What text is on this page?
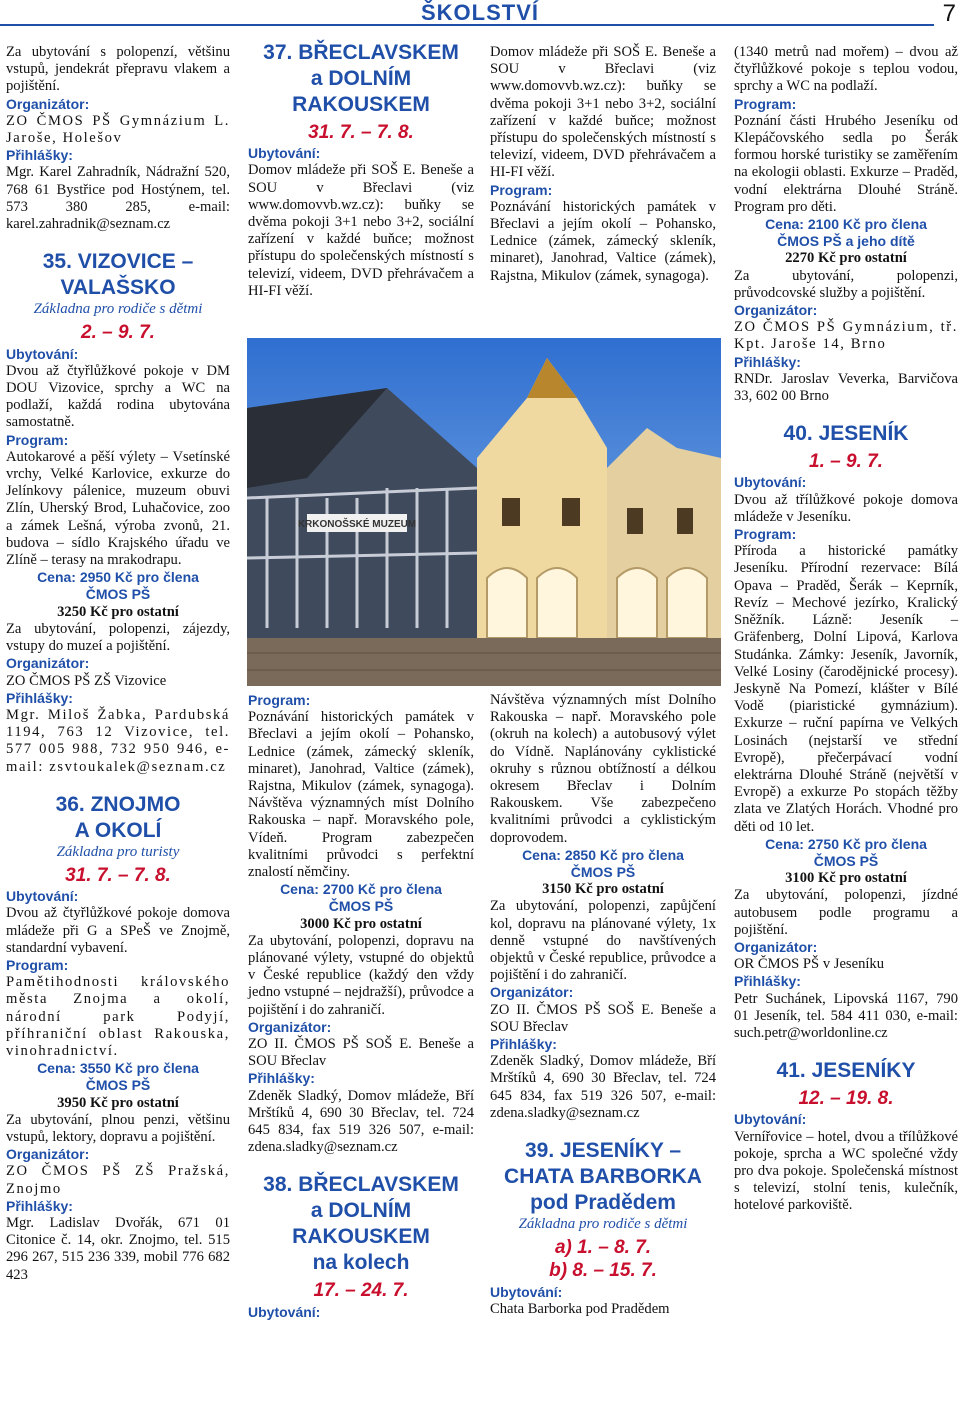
ŠKOLSTVÍ	7

Za ubytování s polopenzí, většinu vstupů, jendekrát přepravu vlakem a pojištění.

Organizátor:

ZO ČMOS PŠ Gymnázium L. Jaroše, Holešov

Přihlášky:

Mgr. Karel Zahradník, Nádražní 520, 768 61 Bystřice pod Hostýnem, tel. 573 380 285, e-mail: karel.zahradnik@seznam.cz

35. VIZOVICE –

VALAŠSKO

Základna pro rodiče s dětmi

2. – 9. 7.

Ubytování:

Dvou až čtyřlůžkové pokoje v DM DOU Vizovice, sprchy a WC na podlaží, každá rodina ubytována samostatně.

Program:

Autokarové a pěší výlety – Vsetínské vrchy, Velké Karlovice, exkurze do Jelínkovy pálenice, muzeum obuvi Zlín, Uherský Brod, Luhačovice, zoo a zámek Lešná, výroba zvonů, 21. budova – sídlo Krajského úřadu ve Zlíně – terasy na mrakodrapu.

Cena: 2950 Kč pro člena

ČMOS PŠ

3250 Kč pro ostatní

Za ubytování, polopenzi, zájezdy, vstupy do muzeí a pojištění.

Organizátor:

ZO ČMOS PŠ ZŠ Vizovice

Přihlášky:

Mgr. Miloš Žabka, Pardubská 1194, 763 12 Vizovice, tel. 577 005 988, 732 950 946, e-mail: zsvtoukalek@seznam.cz

36. ZNOJMO

A OKOLÍ

Základna pro turisty

31. 7. – 7. 8.

Ubytování:

Dvou až čtyřlůžkové pokoje domova mládeže při G a SPeŠ ve Znojmě, standardní vybavení.

Program:

Pamětihodnosti královského města Znojma a okolí, národní park Podyjí, příhraniční oblast Rakouska, vinohradnictví.

Cena: 3550 Kč pro člena

ČMOS PŠ

3950 Kč pro ostatní

Za ubytování, plnou penzi, většinu vstupů, lektory, dopravu a pojištění.

Organizátor:

ZO ČMOS PŠ ZŠ Pražská, Znojmo

Přihlášky:

Mgr. Ladislav Dvořák, 671 01 Citonice č. 14, okr. Znojmo, tel. 515 296 267, 515 236 339, mobil 776 682 423

37. BŘECLAVSKEM

a DOLNÍM

RAKOUSKEM

31. 7. – 7. 8.

Ubytování:

Domov mládeže při SOŠ E. Beneše a SOU v Břeclavi (viz www.domovvb.wz.cz): buňky se dvěma pokoji 3+1 nebo 3+2, sociální zařízení v každé buňce; možnost přístupu do společenských místností s televizí, videem, DVD přehrávačem a HI-FI věží.

Domov mládeže při SOŠ E. Beneše a SOU v Břeclavi (viz www.domovvb.wz.cz): buňky se dvěma pokoji 3+1 nebo 3+2, sociální zařízení v každé buňce; možnost přístupu do společenských místností s televizí, videem, DVD přehrávačem a HI-FI věží.

Program:

Poznávání historických památek v Břeclavi a jejím okolí – Pohansko, Lednice (zámek, zámecký skleník, minaret), Janohrad, Valtice (zámek), Rajstna, Mikulov (zámek, synagoga).

KRKONOŠSKÉ MUZEUM
Program:

Poznávání historických památek v Břeclavi a jejím okolí – Pohansko, Lednice (zámek, zámecký skleník, minaret), Janohrad, Valtice (zámek), Rajstna, Mikulov (zámek, synagoga). Návštěva významných míst Dolního Rakouska – např. Moravského pole, Vídeň. Program zabezpečen kvalitními průvodci s perfektní znalostí němčiny.

Cena: 2700 Kč pro člena

ČMOS PŠ

3000 Kč pro ostatní

Za ubytování, polopenzi, dopravu na plánované výlety, vstupné do objektů v České republice (každý den vždy jedno vstupné – nejdražší), průvodce a pojištění i do zahraničí.

Organizátor:

ZO II. ČMOS PŠ SOŠ E. Beneše a SOU Břeclav

Přihlášky:

Zdeněk Sladký, Domov mládeže, Bří Mrštíků 4, 690 30 Břeclav, tel. 724 645 834, fax 519 326 507, e-mail: zdena.sladky@seznam.cz

38. BŘECLAVSKEM

a DOLNÍM

RAKOUSKEM

na kolech

17. – 24. 7.

Ubytování:

Návštěva významných míst Dolního Rakouska – např. Moravského pole (okruh na kolech) a autobusový výlet do Vídně. Naplánovány cyklistické okruhy s různou obtížností a délkou okresem Břeclav i Dolním Rakouskem. Vše zabezpečeno kvalitními průvodci a cyklistickým doprovodem.

Cena: 2850 Kč pro člena

ČMOS PŠ

3150 Kč pro ostatní

Za ubytování, polopenzi, zapůjčení kol, dopravu na plánované výlety, 1x denně vstupné do navštívených objektů v České republice, průvodce a pojištění i do zahraničí.

Organizátor:

ZO II. ČMOS PŠ SOŠ E. Beneše a SOU Břeclav

Přihlášky:

Zdeněk Sladký, Domov mládeže, Bří Mrštíků 4, 690 30 Břeclav, tel. 724 645 834, fax 519 326 507, e-mail: zdena.sladky@seznam.cz

39. JESENÍKY –

CHATA BARBORKA

pod Pradědem

Základna pro rodiče s dětmi

a) 1. – 8. 7.

b) 8. – 15. 7.

Ubytování:

Chata Barborka pod Pradědem

(1340 metrů nad mořem) – dvou až čtyřlůžkové pokoje s teplou vodou, sprchy a WC na podlaží.

Program:

Poznání části Hrubého Jeseníku od Klepáčovského sedla po Šerák formou horské turistiky se zaměřením na ekologii oblasti. Exkurze – Praděd, vodní elektrárna Dlouhé Stráně. Program pro děti.

Cena: 2100 Kč pro člena

ČMOS PŠ a jeho dítě

2270 Kč pro ostatní

Za ubytování, polopenzi, průvodcovské služby a pojištění.

Organizátor:

ZO ČMOS PŠ Gymnázium, tř. Kpt. Jaroše 14, Brno

Přihlášky:

RNDr. Jaroslav Veverka, Barvičova 33, 602 00 Brno

40. JESENÍK

1. – 9. 7.

Ubytování:

Dvou až třílůžkové pokoje domova mládeže v Jeseníku.

Program:

Příroda a historické památky Jeseníku. Přírodní rezervace: Bílá Opava – Praděd, Šerák – Keprník, Revíz – Mechové jezírko, Kralický Sněžník. Lázně: Jeseník – Gräfenberg, Dolní Lipová, Karlova Studánka. Zámky: Jeseník, Javorník, Velké Losiny (čarodějnické procesy). Jeskyně Na Pomezí, klášter v Bílé Vodě (piaristické gymnázium). Exkurze – ruční papírna ve Velkých Losinách (nejstarší ve střední Evropě), přečerpávací vodní elektrárna Dlouhé Stráně (největší v Evropě) a exkurze Po stopách těžby zlata ve Zlatých Horách. Vhodné pro děti od 10 let.

Cena: 2750 Kč pro člena

ČMOS PŠ

3100 Kč pro ostatní

Za ubytování, polopenzi, jízdné autobusem podle programu a pojištění.

Organizátor:

OR ČMOS PŠ v Jeseníku

Přihlášky:

Petr Suchánek, Lipovská 1167, 790 01 Jeseník, tel. 584 411 030, e-mail: such.petr@worldonline.cz

41. JESENÍKY

12. – 19. 8.

Ubytování:

Vernířovice – hotel, dvou a třílůžkové pokoje, sprcha a WC společné vždy pro dva pokoje. Společenská místnost s televizí, stolní tenis, kulečník, hotelové parkoviště.
